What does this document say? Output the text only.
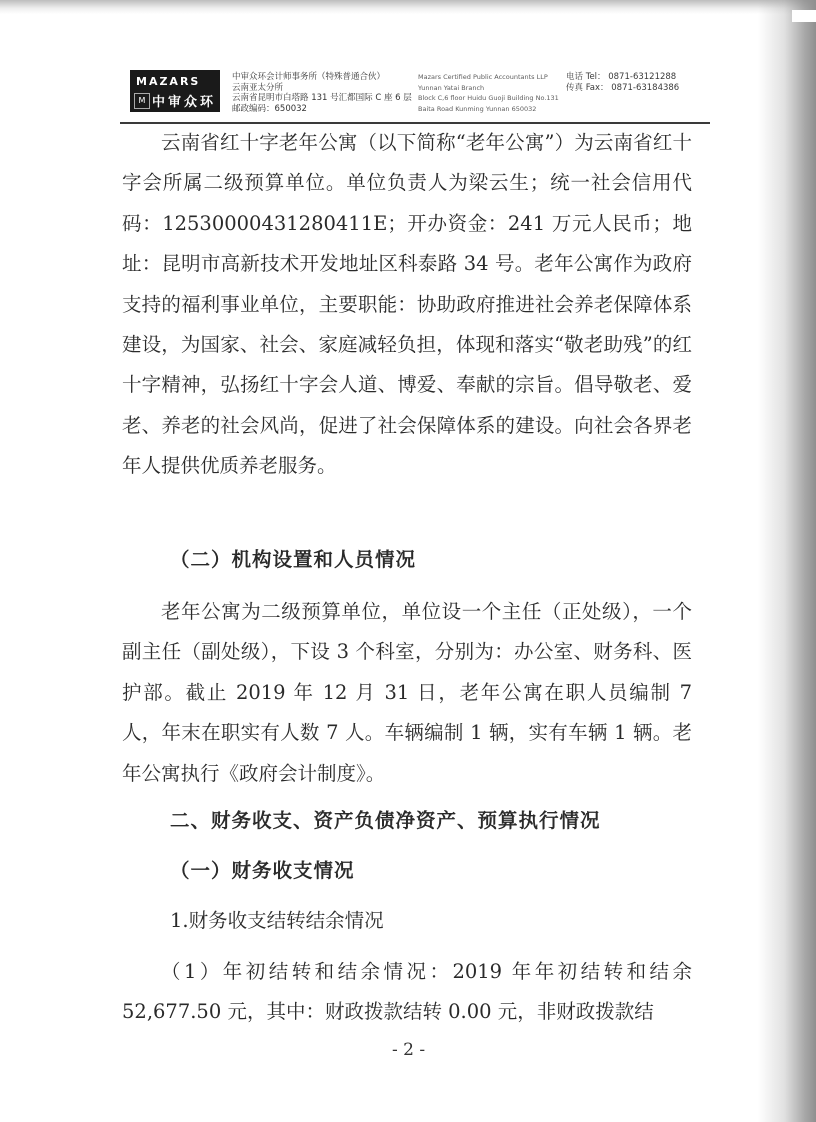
MAZARS
M 中审众环
中审众环会计师事务所（特殊普通合伙）
云南亚太分所
云南省昆明市白塔路 131 号汇都国际 C 座 6 层
邮政编码：650032
Mazars Certified Public Accountants LLP
Yunnan Yatai Branch
Block C,6 floor Huidu Guoji Building No.131
Baita Road Kunming Yunnan 650032
电话 Tel： 0871-63121288
传真 Fax： 0871-63184386

云南省红十字老年公寓（以下简称“老年公寓”）为云南省红十字会所属二级预算单位。单位负责人为梁云生；统一社会信用代码：12530000431280411E；开办资金：241 万元人民币；地址：昆明市高新技术开发地址区科泰路 34 号。老年公寓作为政府支持的福利事业单位，主要职能：协助政府推进社会养老保障体系建设，为国家、社会、家庭减轻负担，体现和落实“敬老助残”的红十字精神，弘扬红十字会人道、博爱、奉献的宗旨。倡导敬老、爱老、养老的社会风尚，促进了社会保障体系的建设。向社会各界老年人提供优质养老服务。

（二）机构设置和人员情况

老年公寓为二级预算单位，单位设一个主任（正处级），一个副主任（副处级），下设 3 个科室，分别为：办公室、财务科、医护部。截止 2019 年 12 月 31 日，老年公寓在职人员编制 7 人，年末在职实有人数 7 人。车辆编制 1 辆，实有车辆 1 辆。老年公寓执行《政府会计制度》。

二、财务收支、资产负债净资产、预算执行情况
（一）财务收支情况
1.财务收支结转结余情况

（1）年初结转和结余情况：2019 年年初结转和结余 52,677.50 元，其中：财政拨款结转 0.00 元，非财政拨款结

- 2 -
